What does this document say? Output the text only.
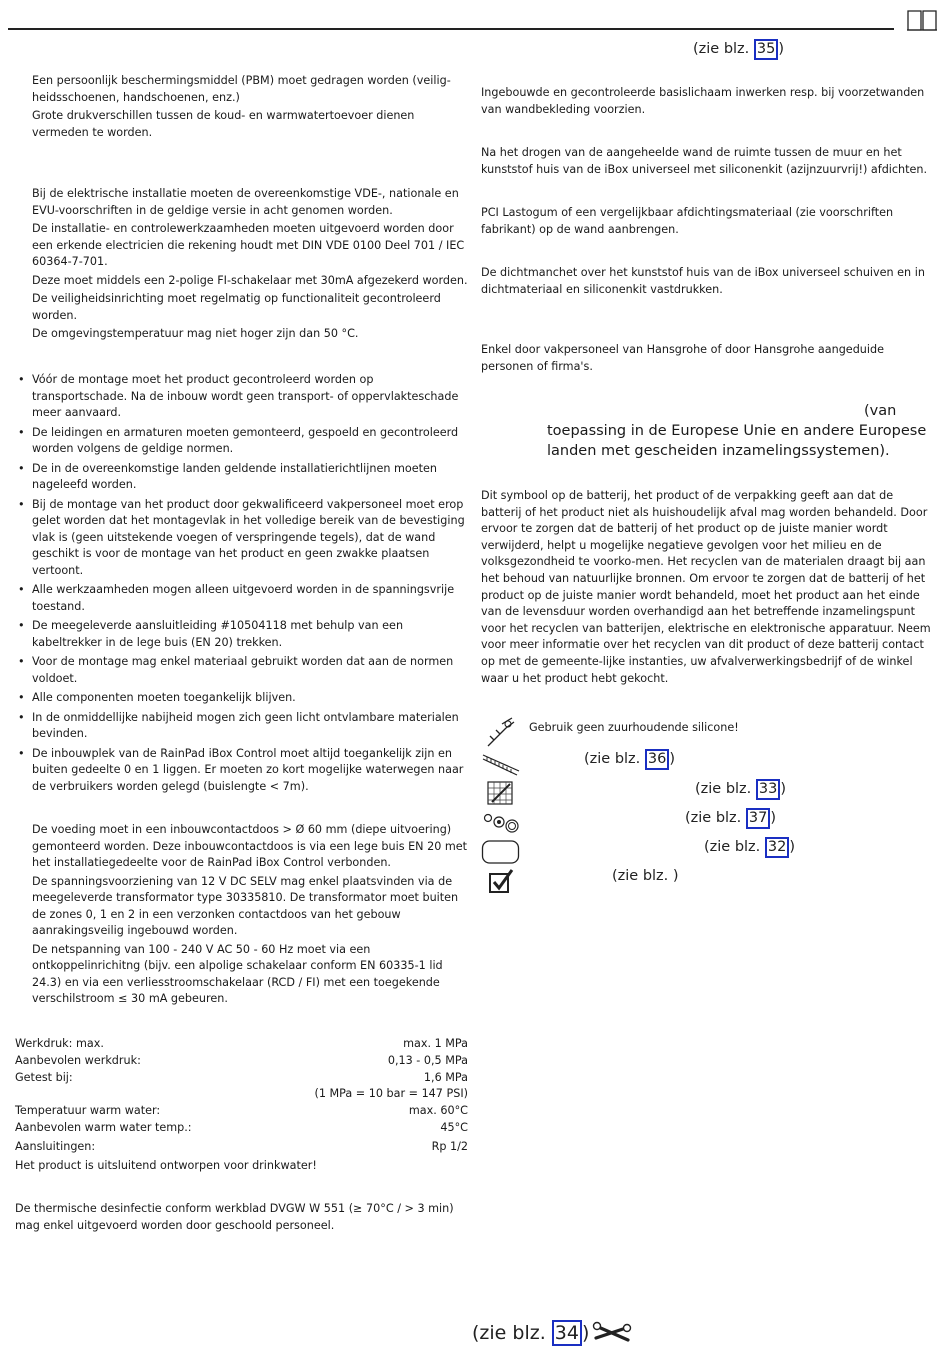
(zie blz. 35 )

Een persoonlijk beschermingsmiddel (PBM) moet gedragen worden (veilig-heidsschoenen, handschoenen, enz.)

Grote drukverschillen tussen de koud- en warmwatertoevoer dienen vermeden te worden.

Bij de elektrische installatie moeten de overeenkomstige VDE-, nationale en EVU-voorschriften in de geldige versie in acht genomen worden.

De installatie- en controlewerkzaamheden moeten uitgevoerd worden door een erkende electricien die rekening houdt met DIN VDE 0100 Deel 701 / IEC 60364-7-701.

Deze moet middels een 2-polige FI-schakelaar met 30mA afgezekerd worden.

De veiligheidsinrichting moet regelmatig op functionaliteit gecontroleerd worden.

De omgevingstemperatuur mag niet hoger zijn dan 50 °C.

• Vóór de montage moet het product gecontroleerd worden op transportschade. Na de inbouw wordt geen transport- of oppervlakteschade meer aanvaard.
• De leidingen en armaturen moeten gemonteerd, gespoeld en gecontroleerd worden volgens de geldige normen.
• De in de overeenkomstige landen geldende installatierichtlijnen moeten nageleefd worden.
• Bij de montage van het product door gekwalificeerd vakpersoneel moet erop gelet worden dat het montagevlak in het volledige bereik van de bevestiging vlak is (geen uitstekende voegen of verspringende tegels), dat de wand geschikt is voor de montage van het product en geen zwakke plaatsen vertoont.
• Alle werkzaamheden mogen alleen uitgevoerd worden in de spanningsvrije toestand.
• De meegeleverde aansluitleiding #10504118 met behulp van een kabeltrekker in de lege buis (EN 20) trekken.
• Voor de montage mag enkel materiaal gebruikt worden dat aan de normen voldoet.
• Alle componenten moeten toegankelijk blijven.
• In de onmiddellijke nabijheid mogen zich geen licht ontvlambare materialen bevinden.
• De inbouwplek van de RainPad iBox Control moet altijd toegankelijk zijn en buiten gedeelte 0 en 1 liggen. Er moeten zo kort mogelijke waterwegen naar de verbruikers worden gelegd (buislengte < 7m).

De voeding moet in een inbouwcontactdoos > Ø 60 mm (diepe uitvoering) gemonteerd worden. Deze inbouwcontactdoos is via een lege buis EN 20 met het installatiegedeelte voor de RainPad iBox Control verbonden.

De spanningsvoorziening van 12 V DC SELV mag enkel plaatsvinden via de meegeleverde transformator type 30335810. De transformator moet buiten de zones 0, 1 en 2 in een verzonken contactdoos van het gebouw aanrakingsveilig ingebouwd worden.

De netspanning van 100 - 240 V AC 50 - 60 Hz moet via een ontkoppelinrichitng (bijv. een alpolige schakelaar conform EN 60335-1 lid 24.3) en via een verliesstroomschakelaar (RCD / FI) met een toegekende verschilstroom ≤ 30 mA gebeuren.

Werkdruk: max.	max. 1 MPa
Aanbevolen werkdruk:	0,13 - 0,5 MPa
Getest bij:	1,6 MPa
(1 MPa = 10 bar = 147 PSI)
Temperatuur warm water:	max. 60°C
Aanbevolen warm water temp.:	45°C
Aansluitingen:	Rp 1/2
Het product is uitsluitend ontworpen voor drinkwater!
De thermische desinfectie conform werkblad DVGW W 551 (≥ 70°C / > 3 min) mag enkel uitgevoerd worden door geschoold personeel.
Ingebouwde en gecontroleerde basislichaam inwerken resp. bij voorzetwanden van wandbekleding voorzien.
Na het drogen van de aangeheelde wand de ruimte tussen de muur en het kunststof huis van de iBox universeel met siliconenkit (azijnzuurvrij!) afdichten.
PCI Lastogum of een vergelijkbaar afdichtingsmateriaal (zie voorschriften fabrikant) op de wand aanbrengen.
De dichtmanchet over het kunststof huis van de iBox universeel schuiven en in dichtmateriaal en siliconenkit vastdrukken.
Enkel door vakpersoneel van Hansgrohe of door Hansgrohe aangeduide personen of firma's.
(van
toepassing in de Europese Unie en andere Europese landen met gescheiden inzamelingssystemen).
Dit symbool op de batterij, het product of de verpakking geeft aan dat de batterij of het product niet als huishoudelijk afval mag worden behandeld. Door ervoor te zorgen dat de batterij of het product op de juiste manier wordt verwijderd, helpt u mogelijke negatieve gevolgen voor het milieu en de volksgezondheid te voorko-men. Het recyclen van de materialen draagt bij aan het behoud van natuurlijke bronnen. Om ervoor te zorgen dat de batterij of het product op de juiste manier wordt behandeld, moet het product aan het einde van de levensduur worden overhandigd aan het betreffende inzamelingspunt voor het recyclen van batterijen, elektrische en elektronische apparatuur. Neem voor meer informatie over het recyclen van dit product of deze batterij contact op met de gemeente-lijke instanties, uw afvalverwerkingsbedrijf of de winkel waar u het product hebt gekocht.
Gebruik geen zuurhoudende silicone!
(zie blz. 36 )
(zie blz. 33 )
(zie blz. 37 )
(zie blz. 32 )
(zie blz. )
(zie blz. 34 )
